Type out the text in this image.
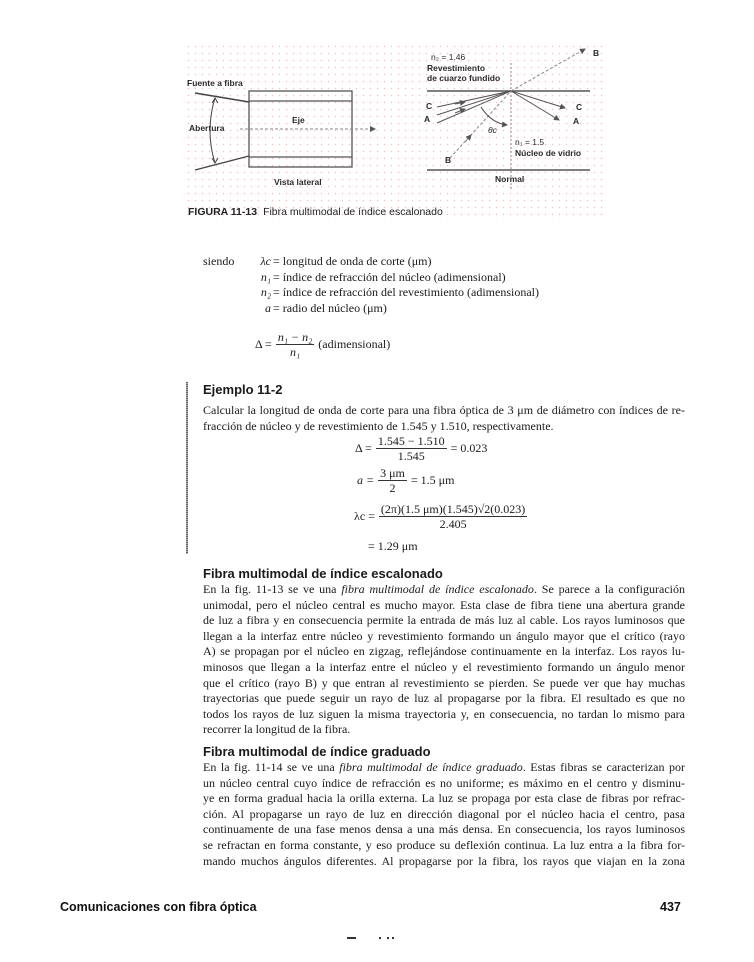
Fuente a fibra
Abertura
Eje
Vista lateral
n₂ = 1.46
Revestimiento
de cuarzo fundido
n₁ = 1.5
Núcleo de vidrio
Normal
θc
C
A
B
C
A
B
FIGURA 11-13 Fibra multimodal de índice escalonado
siendo	λc = longitud de onda de corte (μm)
n₁ = índice de refracción del núcleo (adimensional)
n₂ = índice de refracción del revestimiento (adimensional)
a = radio del núcleo (μm)
$\Delta = \frac{\text{n₁ − n₂}}{\text{n₁}}$ (adimensional)
Ejemplo 11-2
Calcular la longitud de onda de corte para una fibra óptica de 3 μm de diámetro con índices de re-
fracción de núcleo y de revestimiento de 1.545 y 1.510, respectivamente.
$\Delta = \frac{1.545 - 1.510}{1.545} = 0.023$
$a = \frac{3 \mu m}{2} = 1.5$ μm
$\lambda c = \frac{(2\pi)(1.5 \mu m)(1.545)√2(0.023)}{2.405}$
= 1.29 μm
Fibra multimodal de índice escalonado
En la fig. 11-13 se ve una fibra multimodal de índice escalonado. Se parece a la configuración
unimodal, pero el núcleo central es mucho mayor. Esta clase de fibra tiene una abertura grande
de luz a fibra y en consecuencia permite la entrada de más luz al cable. Los rayos luminosos que
llegan a la interfaz entre núcleo y revestimiento formando un ángulo mayor que el crítico (rayo
A) se propagan por el núcleo en zigzag, reflejándose continuamente en la interfaz. Los rayos lu-
minosos que llegan a la interfaz entre el núcleo y el revestimiento formando un ángulo menor
que el crítico (rayo B) y que entran al revestimiento se pierden. Se puede ver que hay muchas
trayectorias que puede seguir un rayo de luz al propagarse por la fibra. El resultado es que no
todos los rayos de luz siguen la misma trayectoria y, en consecuencia, no tardan lo mismo para
recorrer la longitud de la fibra.
Fibra multimodal de índice graduado
En la fig. 11-14 se ve una fibra multimodal de índice graduado. Estas fibras se caracterizan por
un núcleo central cuyo índice de refracción es no uniforme; es máximo en el centro y disminu-
ye en forma gradual hacia la orilla externa. La luz se propaga por esta clase de fibras por refrac-
ción. Al propagarse un rayo de luz en dirección diagonal por el núcleo hacia el centro, pasa
continuamente de una fase menos densa a una más densa. En consecuencia, los rayos luminosos
se refractan en forma constante, y eso produce su deflexión continua. La luz entra a la fibra for-
mando muchos ángulos diferentes. Al propagarse por la fibra, los rayos que viajan en la zona
Comunicaciones con fibra óptica	437
